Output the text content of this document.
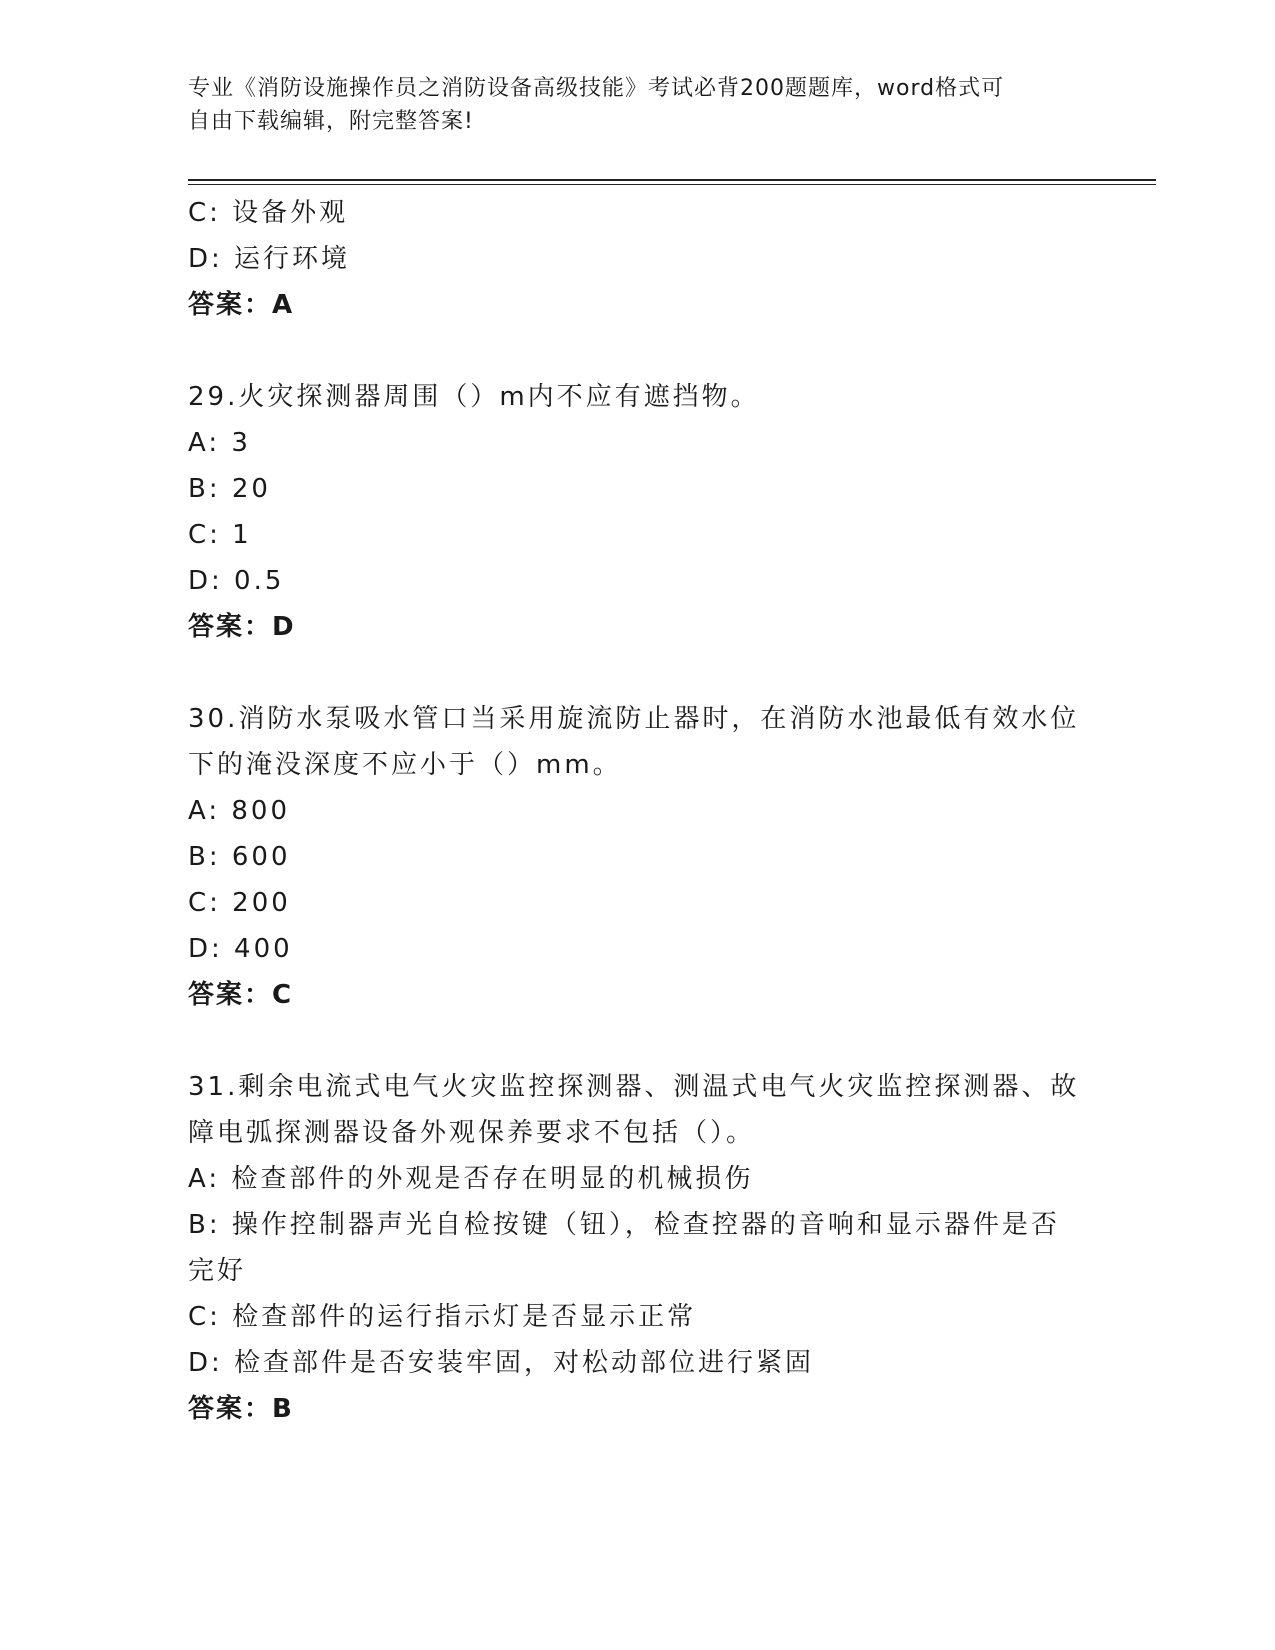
专业《消防设施操作员之消防设备高级技能》考试必背200题题库，word格式可
自由下载编辑，附完整答案!
C: 设备外观
D: 运行环境
答案：A
29.火灾探测器周围（）m内不应有遮挡物。
A: 3
B: 20
C: 1
D: 0.5
答案：D
30.消防水泵吸水管口当采用旋流防止器时，在消防水池最低有效水位
下的淹没深度不应小于（）mm。
A: 800
B: 600
C: 200
D: 400
答案：C
31.剩余电流式电气火灾监控探测器、测温式电气火灾监控探测器、故
障电弧探测器设备外观保养要求不包括（）。
A: 检查部件的外观是否存在明显的机械损伤
B: 操作控制器声光自检按键（钮），检查控器的音响和显示器件是否
完好
C: 检查部件的运行指示灯是否显示正常
D: 检查部件是否安装牢固，对松动部位进行紧固
答案：B
